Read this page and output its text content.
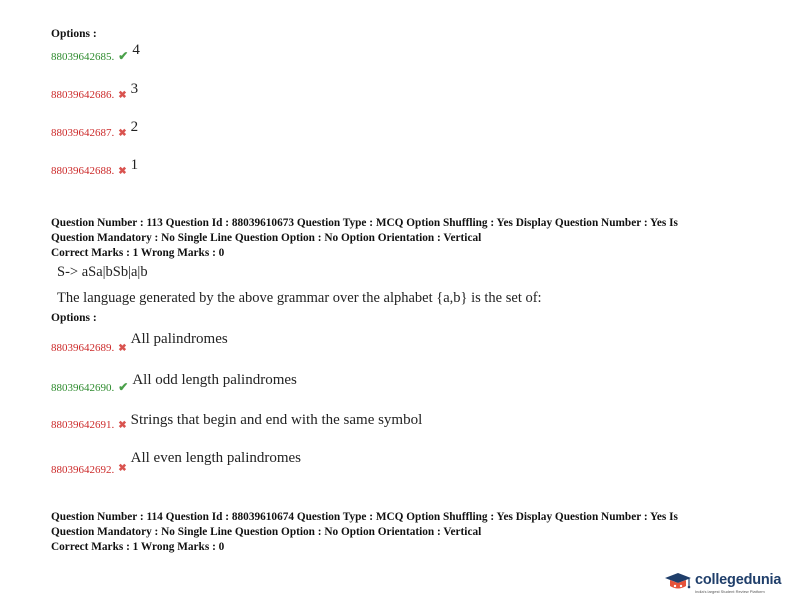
Options :
88039642685. ✔ 4
88039642686. ✖ 3
88039642687. ✖ 2
88039642688. ✖ 1
Question Number : 113 Question Id : 88039610673 Question Type : MCQ Option Shuffling : Yes Display Question Number : Yes Is
Question Mandatory : No Single Line Question Option : No Option Orientation : Vertical
Correct Marks : 1 Wrong Marks : 0
S-> aSa|bSb|a|b
The language generated by the above grammar over the alphabet {a,b} is the set of:
Options :
$_{88039642689.}$ $_✖$ All palindromes
$_{88039642690.}$ $_✔$ All odd length palindromes
$_{88039642691.}$ $_✖$ Strings that begin and end with the same symbol
$_{88039642692.}$ $_✖$ All even length palindromes
Question Number : 114 Question Id : 88039610674 Question Type : MCQ Option Shuffling : Yes Display Question Number : Yes Is
Question Mandatory : No Single Line Question Option : No Option Orientation : Vertical
Correct Marks : 1 Wrong Marks : 0
collegedunia
India's largest Student Review Platform
